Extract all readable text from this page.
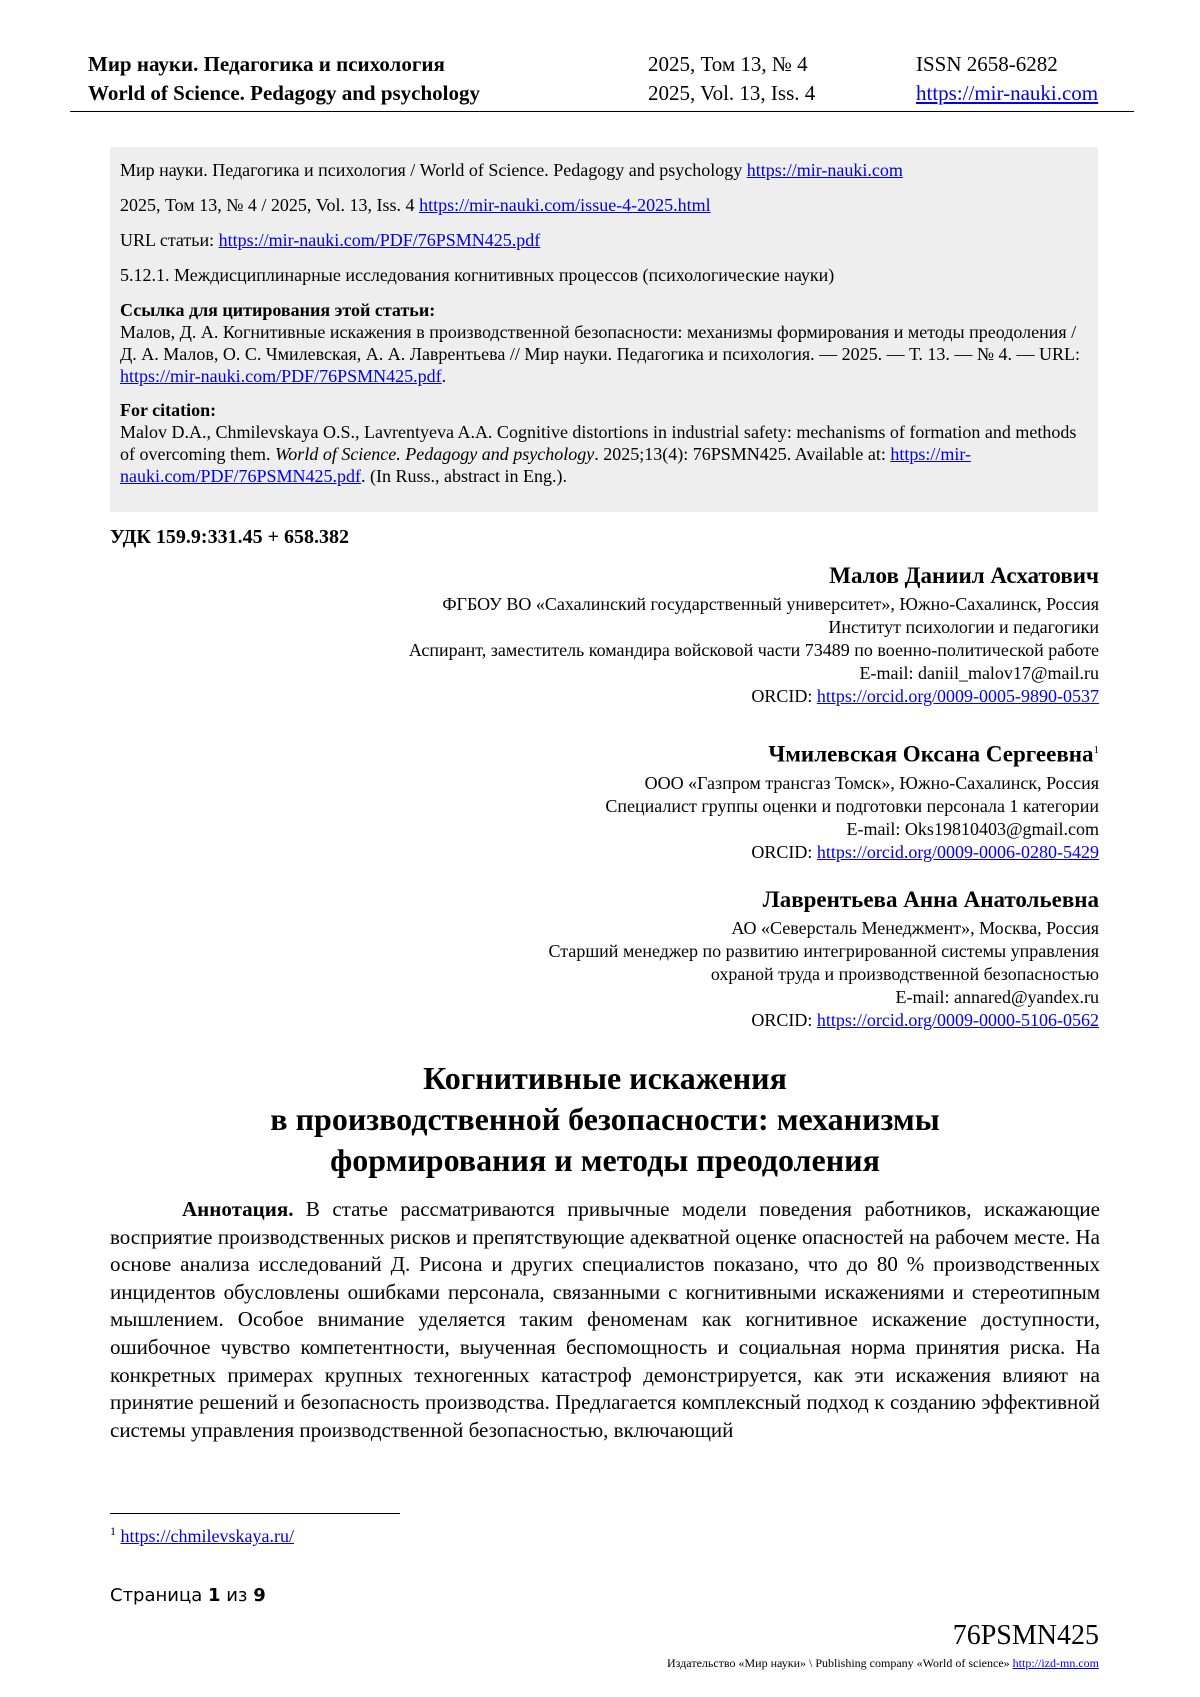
Мир науки. Педагогика и психология	2025, Том 13, № 4	ISSN 2658-6282
World of Science. Pedagogy and psychology	2025, Vol. 13, Iss. 4	https://mir-nauki.com

Мир науки. Педагогика и психология / World of Science. Pedagogy and psychology https://mir-nauki.com

2025, Том 13, № 4 / 2025, Vol. 13, Iss. 4 https://mir-nauki.com/issue-4-2025.html

URL статьи: https://mir-nauki.com/PDF/76PSMN425.pdf

5.12.1. Междисциплинарные исследования когнитивных процессов (психологические науки)

Ссылка для цитирования этой статьи:
Малов, Д. А. Когнитивные искажения в производственной безопасности: механизмы формирования и методы преодоления / Д. А. Малов, О. С. Чмилевская, А. А. Лаврентьева // Мир науки. Педагогика и психология. — 2025. — Т. 13. — № 4. — URL: https://mir-nauki.com/PDF/76PSMN425.pdf.
For citation:
Malov D.A., Chmilevskaya O.S., Lavrentyeva A.A. Cognitive distortions in industrial safety: mechanisms of formation and methods of overcoming them. World of Science. Pedagogy and psychology. 2025;13(4): 76PSMN425. Available at: https://mir-nauki.com/PDF/76PSMN425.pdf. (In Russ., abstract in Eng.).
УДК 159.9:331.45 + 658.382
Малов Даниил Асхатович
ФГБОУ ВО «Сахалинский государственный университет», Южно-Сахалинск, Россия
Институт психологии и педагогики
Аспирант, заместитель командира войсковой части 73489 по военно-политической работе
E-mail: daniil_malov17@mail.ru
ORCID: https://orcid.org/0009-0005-9890-0537
Чмилевская Оксана Сергеевна$^1$
ООО «Газпром трансгаз Томск», Южно-Сахалинск, Россия
Специалист группы оценки и подготовки персонала 1 категории
E-mail: Oks19810403@gmail.com
ORCID: https://orcid.org/0009-0006-0280-5429
Лаврентьева Анна Анатольевна
АО «Северсталь Менеджмент», Москва, Россия
Старший менеджер по развитию интегрированной системы управления
охраной труда и производственной безопасностью
E-mail: annared@yandex.ru
ORCID: https://orcid.org/0009-0000-5106-0562
Когнитивные искажения
в производственной безопасности: механизмы
формирования и методы преодоления

Аннотация. В статье рассматриваются привычные модели поведения работников, искажающие восприятие производственных рисков и препятствующие адекватной оценке опасностей на рабочем месте. На основе анализа исследований Д. Рисона и других специалистов показано, что до 80 % производственных инцидентов обусловлены ошибками персонала, связанными с когнитивными искажениями и стереотипным мышлением. Особое внимание уделяется таким феноменам как когнитивное искажение доступности, ошибочное чувство компетентности, выученная беспомощность и социальная норма принятия риска. На конкретных примерах крупных техногенных катастроф демонстрируется, как эти искажения влияют на принятие решений и безопасность производства. Предлагается комплексный подход к созданию эффективной системы управления производственной безопасностью, включающий

$^1$ https://chmilevskaya.ru/
Страница 1 из 9
76PSMN425
Издательство «Мир науки» \ Publishing company «World of science» http://izd-mn.com
